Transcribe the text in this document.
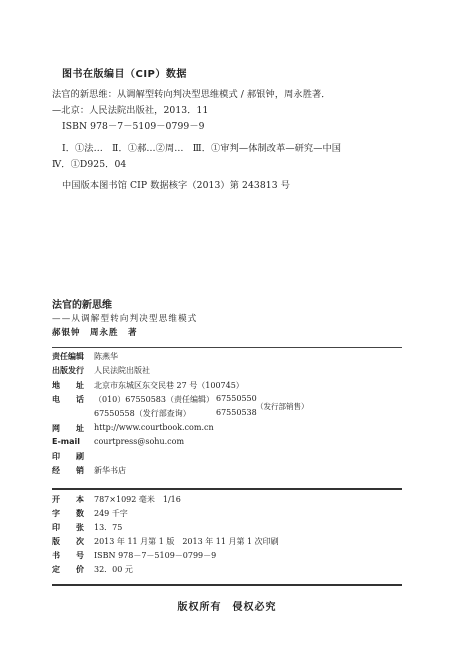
图书在版编目（CIP）数据
法官的新思维：从调解型转向判决型思维模式 / 郝银钟，周永胜著．
—北京：人民法院出版社，2013．11
ISBN 978－7－5109－0799－9
Ⅰ．①法…　Ⅱ．①郝…②周…　Ⅲ．①审判—体制改革—研究—中国
Ⅳ．①D925．04
中国版本图书馆 CIP 数据核字（2013）第 243813 号
法官的新思维
——从调解型转向判决型思维模式
郝银钟　周永胜　著
责任编辑	陈燕华
出版发行	人民法院出版社
地　　址	北京市东城区东交民巷 27 号（100745）
电　　话	（010）67550583（责任编辑）
67550558（发行部查询）
67550550
67550538
（发行部销售）
网　　址	http://www.courtbook.com.cn
E-mail	courtpress@sohu.com
印　　刷
经　　销	新华书店
开　　本	787×1092 毫米　1/16
字　　数	249 千字
印　　张	13．75
版　　次	2013 年 11 月第 1 版　2013 年 11 月第 1 次印刷
书　　号	ISBN 978－7－5109－0799－9
定　　价	32．00 元
版权所有　侵权必究
